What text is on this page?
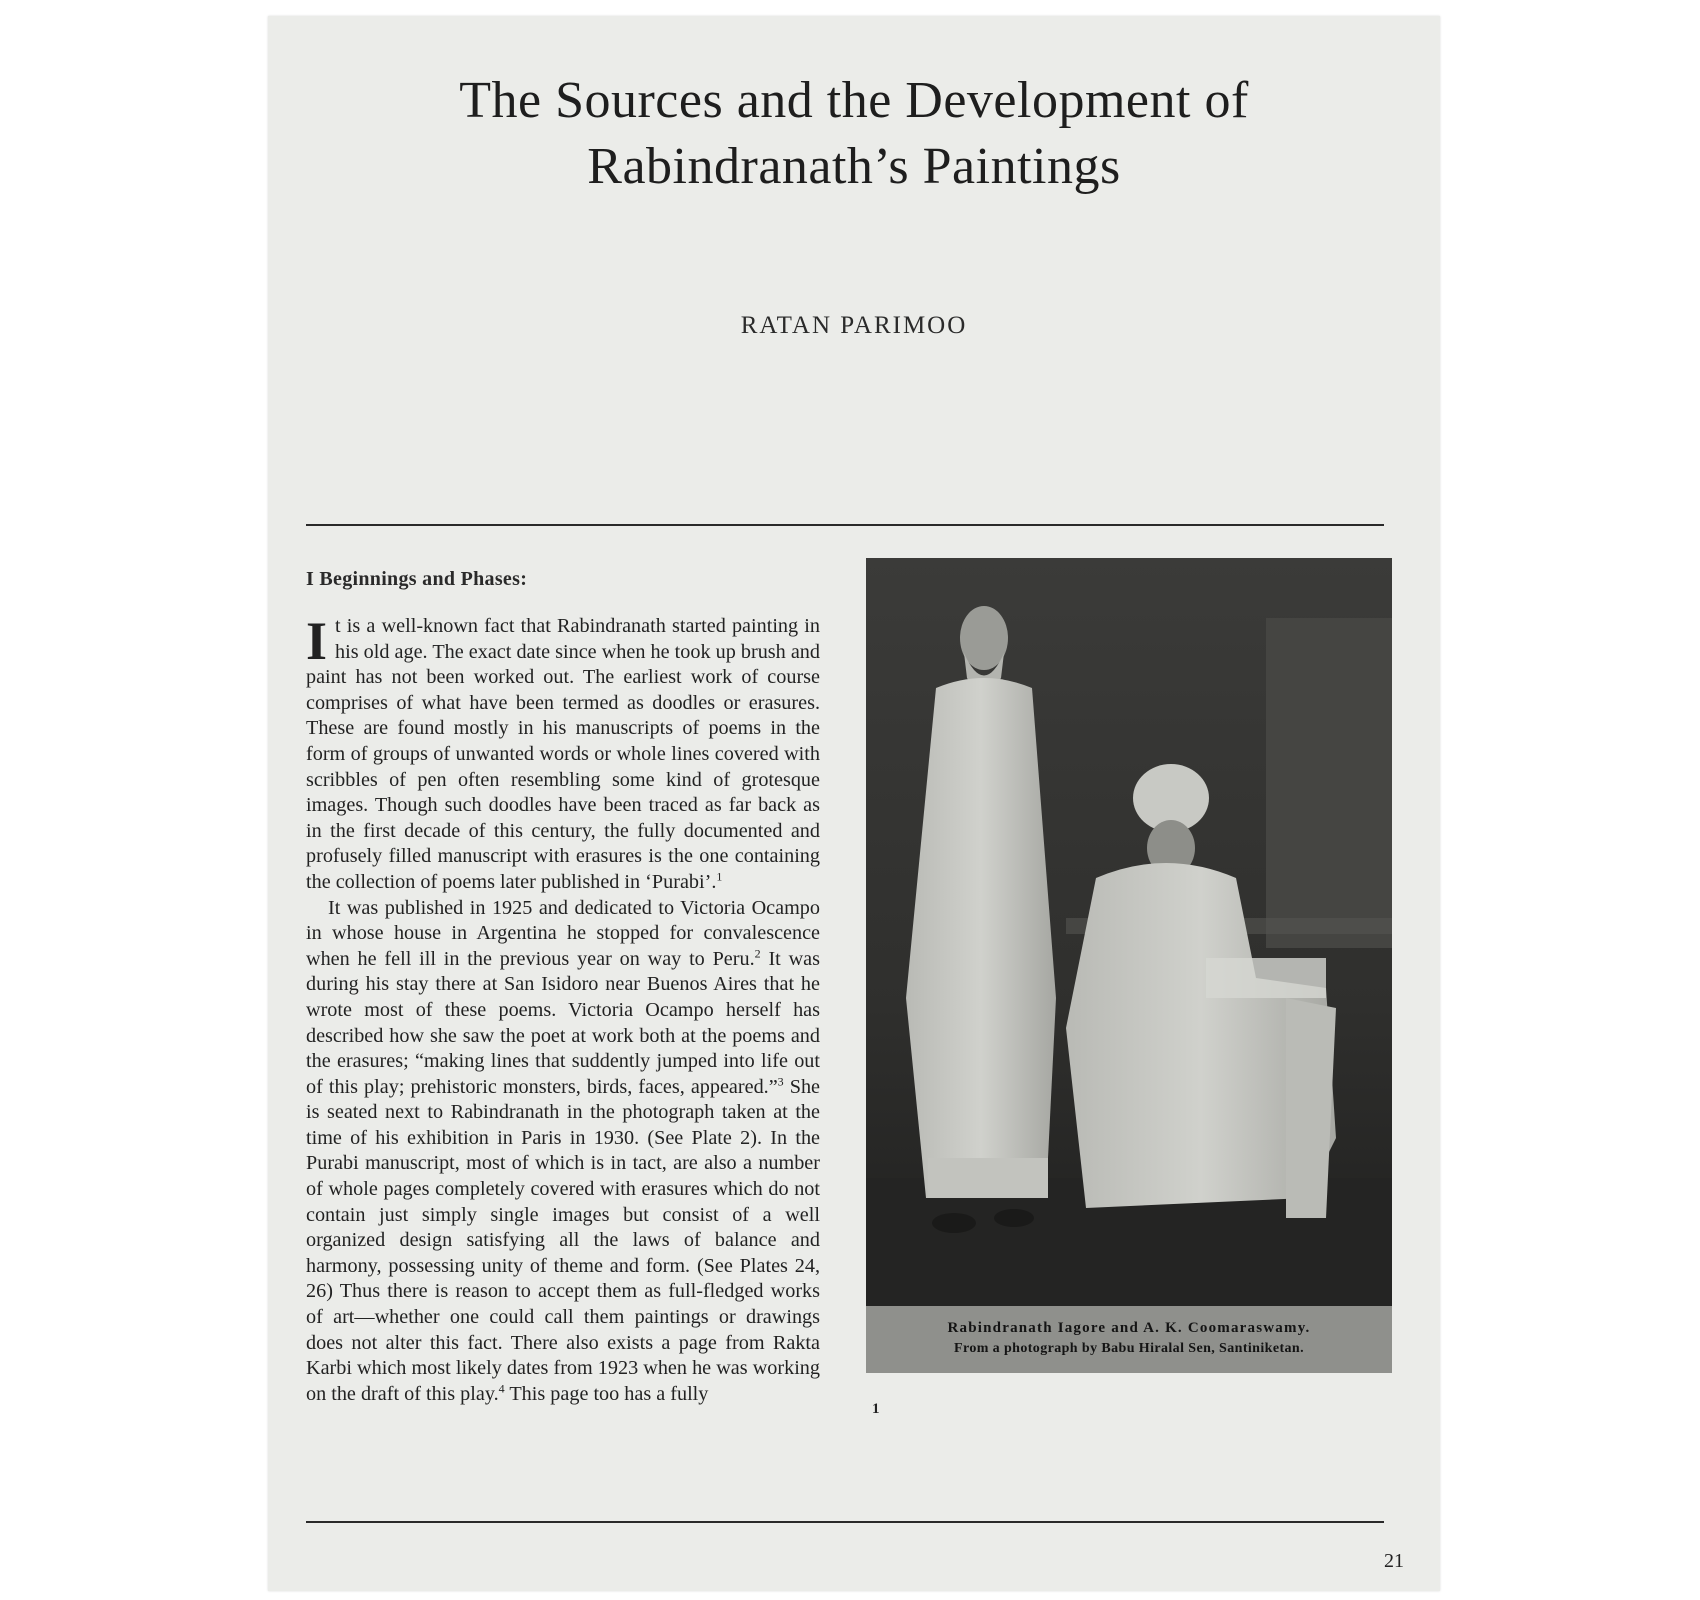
The Sources and the Development of
Rabindranath’s Paintings
RATAN PARIMOO
I Beginnings and Phases:

It is a well-known fact that Rabindranath started painting in his old age. The exact date since when he took up brush and paint has not been worked out. The earliest work of course comprises of what have been termed as doodles or erasures. These are found mostly in his manuscripts of poems in the form of groups of unwanted words or whole lines covered with scribbles of pen often resembling some kind of grotesque images. Though such doodles have been traced as far back as in the first decade of this century, the fully documented and profusely filled manuscript with erasures is the one containing the collection of poems later published in ‘Purabi’.$^1$

It was published in 1925 and dedicated to Victoria Ocampo in whose house in Argentina he stopped for convalescence when he fell ill in the previous year on way to Peru.$^2$ It was during his stay there at San Isidoro near Buenos Aires that he wrote most of these poems. Victoria Ocampo herself has described how she saw the poet at work both at the poems and the erasures; “making lines that suddently jumped into life out of this play; prehistoric monsters, birds, faces, appeared.”$^3$ She is seated next to Rabindranath in the photograph taken at the time of his exhibition in Paris in 1930. (See Plate 2). In the Purabi manuscript, most of which is in tact, are also a number of whole pages completely covered with erasures which do not contain just simply single images but consist of a well organized design satisfying all the laws of balance and harmony, possessing unity of theme and form. (See Plates 24, 26) Thus there is reason to accept them as full-fledged works of art—whether one could call them paintings or drawings does not alter this fact. There also exists a page from Rakta Karbi which most likely dates from 1923 when he was working on the draft of this play.$^4$ This page too has a fully

Rabindranath Iagore and A. K. Coomaraswamy.
From a photograph by Babu Hiralal Sen, Santiniketan.
1
21
